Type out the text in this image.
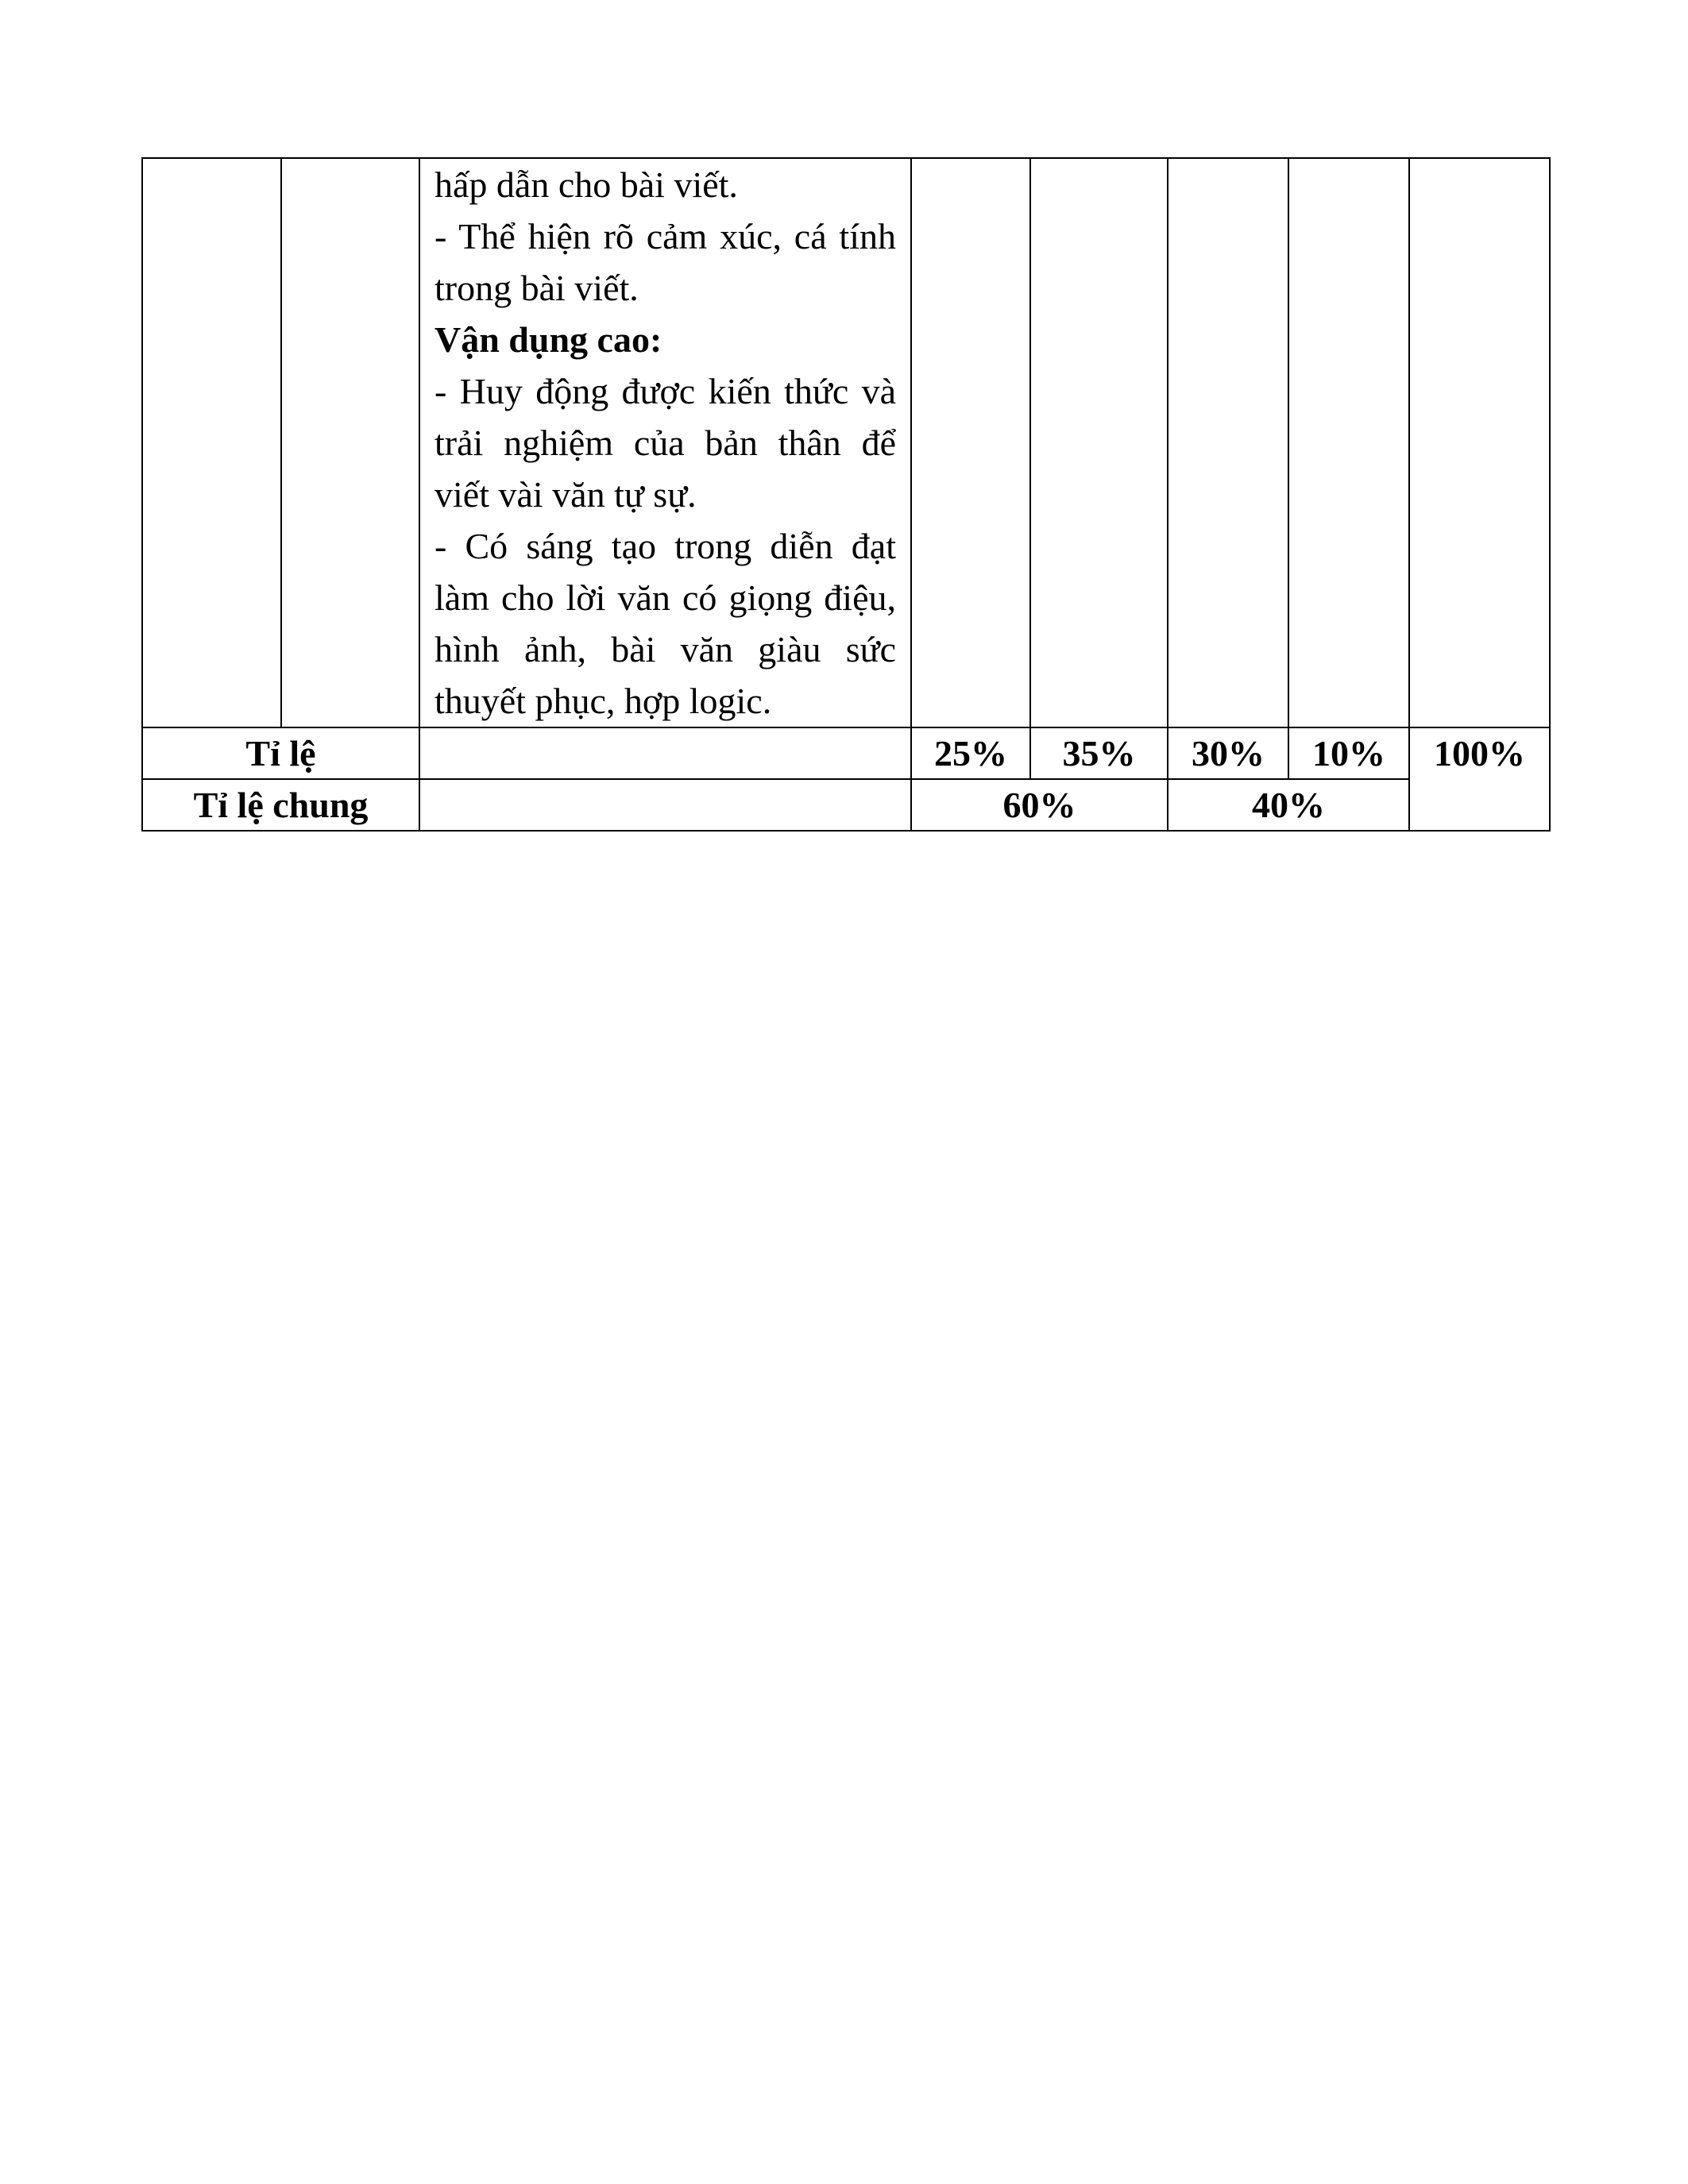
		hấp dẫn cho bài viết.

- Thể hiện rõ cảm xúc, cá tính trong bài viết.

Vận dụng cao:

- Huy động được kiến thức và trải nghiệm của bản thân để viết vài văn tự sự.

- Có sáng tạo trong diễn đạt làm cho lời văn có giọng điệu, hình ảnh, bài văn giàu sức thuyết phục, hợp logic.					

Tỉ lệ			25%	35%	30%	10%	100%
Tỉ lệ chung			60%		40%		
